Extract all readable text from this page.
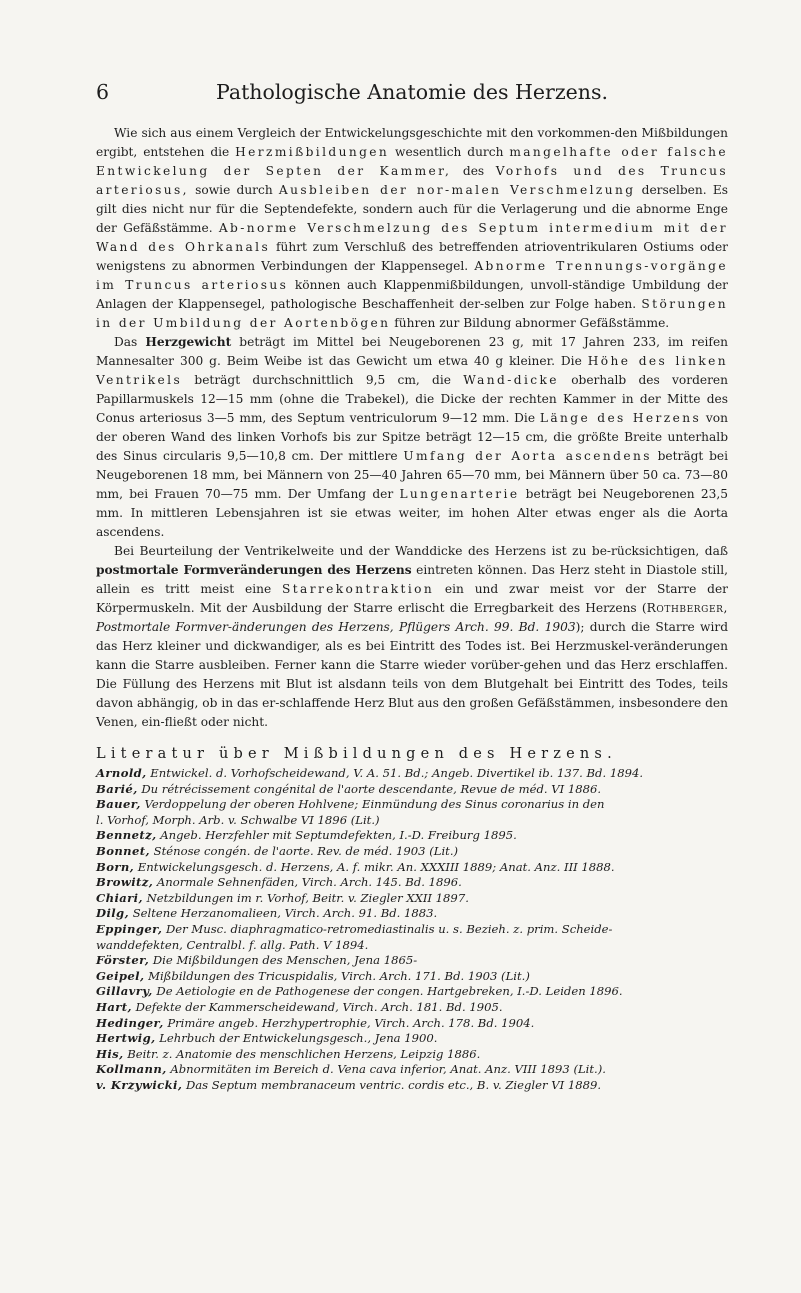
6	Pathologische Anatomie des Herzens.

Wie sich aus einem Vergleich der Entwickelungsgeschichte mit den vorkommen-den Mißbildungen ergibt, entstehen die Herzmißbildungen wesentlich durch mangelhafte oder falsche Entwickelung der Septen der Kammer, des Vorhofs und des Truncus arteriosus, sowie durch Ausbleiben der nor-malen Verschmelzung derselben. Es gilt dies nicht nur für die Septendefekte, sondern auch für die Verlagerung und die abnorme Enge der Gefäßstämme. Ab-norme Verschmelzung des Septum intermedium mit der Wand des Ohrkanals führt zum Verschluß des betreffenden atrioventrikularen Ostiums oder wenigstens zu abnormen Verbindungen der Klappensegel. Abnorme Trennungs-vorgänge im Truncus arteriosus können auch Klappenmißbildungen, unvoll-ständige Umbildung der Anlagen der Klappensegel, pathologische Beschaffenheit der-selben zur Folge haben. Störungen in der Umbildung der Aortenbögen führen zur Bildung abnormer Gefäßstämme.

Das Herzgewicht beträgt im Mittel bei Neugeborenen 23 g, mit 17 Jahren 233, im reifen Mannesalter 300 g. Beim Weibe ist das Gewicht um etwa 40 g kleiner. Die Höhe des linken Ventrikels beträgt durchschnittlich 9,5 cm, die Wand-dicke oberhalb des vorderen Papillarmuskels 12—15 mm (ohne die Trabekel), die Dicke der rechten Kammer in der Mitte des Conus arteriosus 3—5 mm, des Septum ventriculorum 9—12 mm. Die Länge des Herzens von der oberen Wand des linken Vorhofs bis zur Spitze beträgt 12—15 cm, die größte Breite unterhalb des Sinus circularis 9,5—10,8 cm. Der mittlere Umfang der Aorta ascendens beträgt bei Neugeborenen 18 mm, bei Männern von 25—40 Jahren 65—70 mm, bei Männern über 50 ca. 73—80 mm, bei Frauen 70—75 mm. Der Umfang der Lungenarterie beträgt bei Neugeborenen 23,5 mm. In mittleren Lebensjahren ist sie etwas weiter, im hohen Alter etwas enger als die Aorta ascendens.

Bei Beurteilung der Ventrikelweite und der Wanddicke des Herzens ist zu be-rücksichtigen, daß postmortale Formveränderungen des Herzens eintreten können. Das Herz steht in Diastole still, allein es tritt meist eine Starrekontraktion ein und zwar meist vor der Starre der Körpermuskeln. Mit der Ausbildung der Starre erlischt die Erregbarkeit des Herzens (Rothberger, Postmortale Formver-änderungen des Herzens, Pflügers Arch. 99. Bd. 1903); durch die Starre wird das Herz kleiner und dickwandiger, als es bei Eintritt des Todes ist. Bei Herzmuskel-veränderungen kann die Starre ausbleiben. Ferner kann die Starre wieder vorüber-gehen und das Herz erschlaffen. Die Füllung des Herzens mit Blut ist alsdann teils von dem Blutgehalt bei Eintritt des Todes, teils davon abhängig, ob in das er-schlaffende Herz Blut aus den großen Gefäßstämmen, insbesondere den Venen, ein-fließt oder nicht.

Literatur über Mißbildungen des Herzens.
Arnold, Entwickel. d. Vorhofscheidewand, V. A. 51. Bd.; Angeb. Divertikel ib. 137. Bd. 1894.
Barié, Du rétrécissement congénital de l'aorte descendante, Revue de méd. VI 1886.
Bauer, Verdoppelung der oberen Hohlvene; Einmündung des Sinus coronarius in den
l. Vorhof, Morph. Arb. v. Schwalbe VI 1896 (Lit.)
Bennetz, Angeb. Herzfehler mit Septumdefekten, I.-D. Freiburg 1895.
Bonnet, Sténose congén. de l'aorte. Rev. de méd. 1903 (Lit.)
Born, Entwickelungsgesch. d. Herzens, A. f. mikr. An. XXXIII 1889; Anat. Anz. III 1888.
Browitz, Anormale Sehnenfäden, Virch. Arch. 145. Bd. 1896.
Chiari, Netzbildungen im r. Vorhof, Beitr. v. Ziegler XXII 1897.
Dilg, Seltene Herzanomalieen, Virch. Arch. 91. Bd. 1883.
Eppinger, Der Musc. diaphragmatico-retromediastinalis u. s. Bezieh. z. prim. Scheide-
wanddefekten, Centralbl. f. allg. Path. V 1894.
Förster, Die Mißbildungen des Menschen, Jena 1865-
Geipel, Mißbildungen des Tricuspidalis, Virch. Arch. 171. Bd. 1903 (Lit.)
Gillavry, De Aetiologie en de Pathogenese der congen. Hartgebreken, I.-D. Leiden 1896.
Hart, Defekte der Kammerscheidewand, Virch. Arch. 181. Bd. 1905.
Hedinger, Primäre angeb. Herzhypertrophie, Virch. Arch. 178. Bd. 1904.
Hertwig, Lehrbuch der Entwickelungsgesch., Jena 1900.
His, Beitr. z. Anatomie des menschlichen Herzens, Leipzig 1886.
Kollmann, Abnormitäten im Bereich d. Vena cava inferior, Anat. Anz. VIII 1893 (Lit.).
v. Krzywicki, Das Septum membranaceum ventric. cordis etc., B. v. Ziegler VI 1889.
